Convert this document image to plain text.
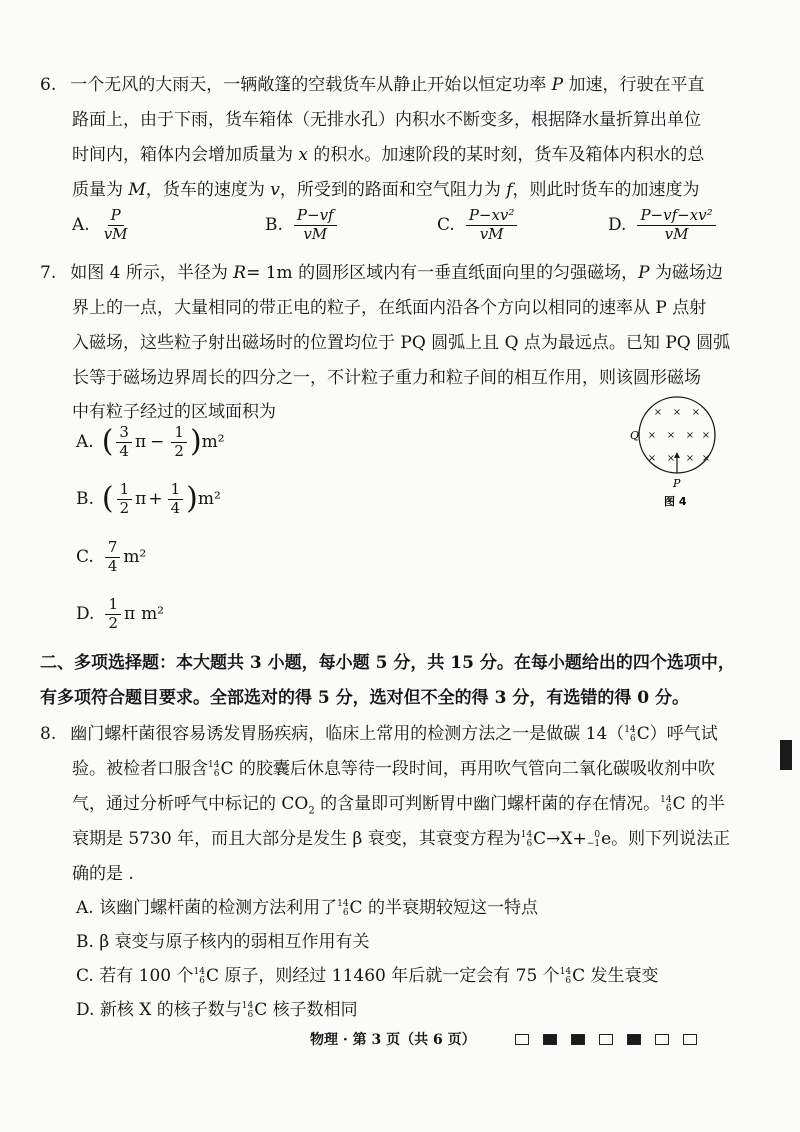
6. 一个无风的大雨天，一辆敞篷的空载货车从静止开始以恒定功率 P 加速，行驶在平直
路面上，由于下雨，货车箱体（无排水孔）内积水不断变多，根据降水量折算出单位
时间内，箱体内会增加质量为 x 的积水。加速阶段的某时刻，货车及箱体内积水的总
质量为 M，货车的速度为 v，所受到的路面和空气阻力为 f，则此时货车的加速度为
A. $\frac{P}{vM}$	B. $\frac{P-vf}{vM}$	C. $\frac{\text{P−xv²}}{vM}$	D. $\frac{\text{P−vf−xv²}}{vM}$
7. 如图 4 所示，半径为 R= 1m 的圆形区域内有一垂直纸面向里的匀强磁场，P 为磁场边
界上的一点，大量相同的带正电的粒子，在纸面内沿各个方向以相同的速率从 P 点射
入磁场，这些粒子射出磁场时的位置均位于 PQ 圆弧上且 Q 点为最远点。已知 PQ 圆弧
长等于磁场边界周长的四分之一，不计粒子重力和粒子间的相互作用，则该圆形磁场
中有粒子经过的区域面积为
A. ( $\frac{3}{4}$ $\pi - \frac{1}{2}$ ) m²
B. ( $\frac{1}{2}$ $\pi + \frac{1}{4}$ ) m²
C. $\frac{7}{4} m^2$
D. $\frac{1}{2}$ π m²
× × ×
× × × ×
× × × ×
Q
P
图 4
二、多项选择题：本大题共 3 小题，每小题 5 分，共 15 分。在每小题给出的四个选项中，
有多项符合题目要求。全部选对的得 5 分，选对但不全的得 3 分，有选错的得 0 分。
8. 幽门螺杆菌很容易诱发胃肠疾病，临床上常用的检测方法之一是做碳 14（ 14
6 C）呼气试
验。被检者口服含 14
6 C 的胶囊后休息等待一段时间，再用吹气管向二氧化碳吸收剂中吹
气，通过分析呼气中标记的 $CO_2$ 的含量即可判断胃中幽门螺杆菌的存在情况。 14
6 C 的半
衰期是 5730 年，而且大部分是发生 β 衰变，其衰变方程为 14
6 C→X+ 0
−1 e。则下列说法正
确的是 .
A. 该幽门螺杆菌的检测方法利用了 14
6 C 的半衰期较短这一特点
B. β 衰变与原子核内的弱相互作用有关
C. 若有 100 个 14
6 C 原子，则经过 11460 年后就一定会有 75 个 14
6 C 发生衰变
D. 新核 X 的核子数与 14
6 C 核子数相同
物理 · 第 3 页（共 6 页）
